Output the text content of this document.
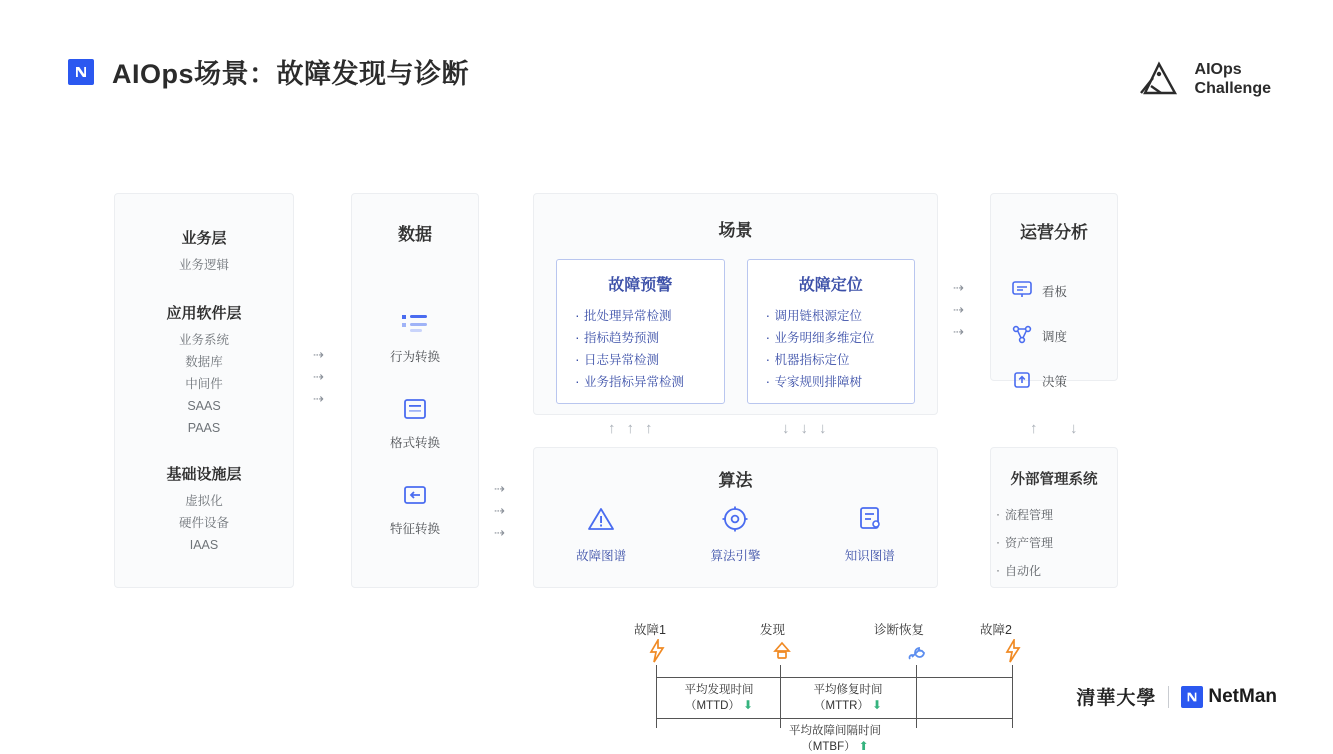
AIOps场景：故障发现与诊断	AIOps
Challenge
业务层
业务逻辑
应用软件层
业务系统
数据库
中间件
SAAS
PAAS
基础设施层
虚拟化
硬件设备
IAAS
⇢
⇢
⇢
数据
行为转换
格式转换
特征转换
⇢
⇢
⇢
场景
故障预警
· 批处理异常检测
· 指标趋势预测
· 日志异常检测
· 业务指标异常检测
故障定位
· 调用链根源定位
· 业务明细多维定位
· 机器指标定位
· 专家规则排障树
↑↑↑	↓↓↓
算法
故障图谱	算法引擎	知识图谱
⇢
⇢
⇢
运营分析
看板
调度
决策
↑ ↓
外部管理系统
· 流程管理
· 资产管理
· 自动化
故障1	发现	诊断恢复	故障2
平均发现时间
（MTTD） ⬇
平均修复时间
（MTTR） ⬇
平均故障间隔时间
（MTBF） ⬆
清華大學	NetMan
